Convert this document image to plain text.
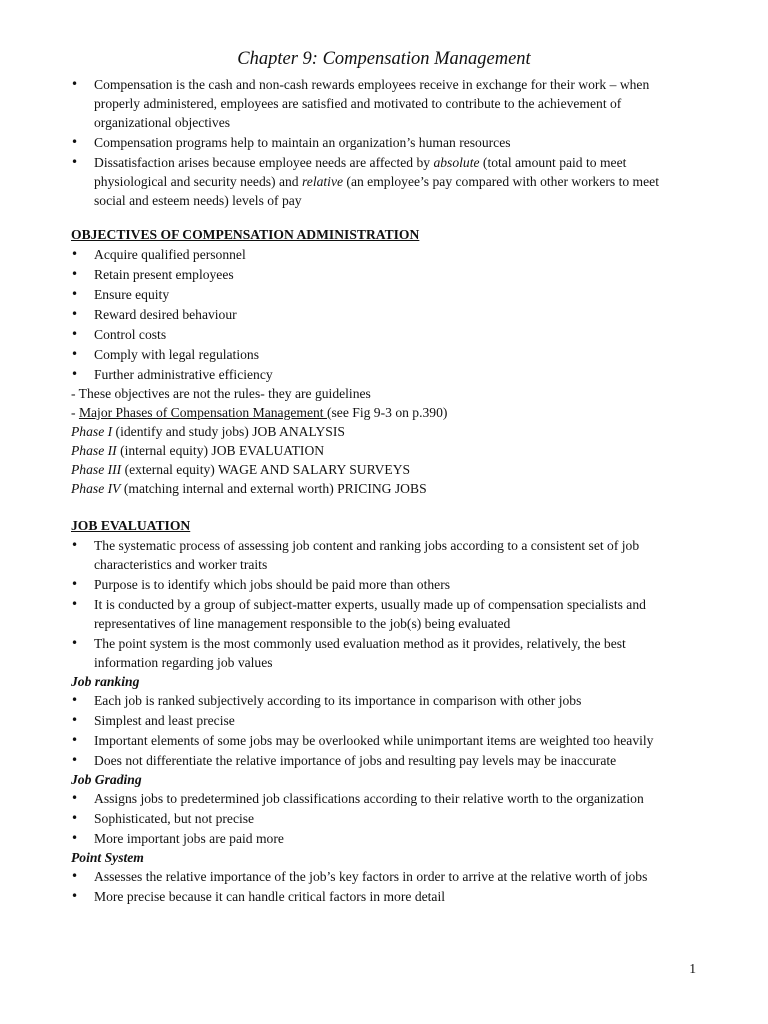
Chapter 9: Compensation Management
• Compensation is the cash and non-cash rewards employees receive in exchange for their work – when properly administered, employees are satisfied and motivated to contribute to the achievement of organizational objectives
• Compensation programs help to maintain an organization’s human resources
• Dissatisfaction arises because employee needs are affected by absolute (total amount paid to meet physiological and security needs) and relative (an employee’s pay compared with other workers to meet social and esteem needs) levels of pay
OBJECTIVES OF COMPENSATION ADMINISTRATION
• Acquire qualified personnel
• Retain present employees
• Ensure equity
• Reward desired behaviour
• Control costs
• Comply with legal regulations
• Further administrative efficiency
- These objectives are not the rules- they are guidelines
- Major Phases of Compensation Management (see Fig 9-3 on p.390)
Phase I (identify and study jobs) JOB ANALYSIS
Phase II (internal equity) JOB EVALUATION
Phase III (external equity) WAGE AND SALARY SURVEYS
Phase IV (matching internal and external worth) PRICING JOBS
JOB EVALUATION
• The systematic process of assessing job content and ranking jobs according to a consistent set of job characteristics and worker traits
• Purpose is to identify which jobs should be paid more than others
• It is conducted by a group of subject-matter experts, usually made up of compensation specialists and representatives of line management responsible to the job(s) being evaluated
• The point system is the most commonly used evaluation method as it provides, relatively, the best information regarding job values
Job ranking
• Each job is ranked subjectively according to its importance in comparison with other jobs
• Simplest and least precise
• Important elements of some jobs may be overlooked while unimportant items are weighted too heavily
• Does not differentiate the relative importance of jobs and resulting pay levels may be inaccurate
Job Grading
• Assigns jobs to predetermined job classifications according to their relative worth to the organization
• Sophisticated, but not precise
• More important jobs are paid more
Point System
• Assesses the relative importance of the job’s key factors in order to arrive at the relative worth of jobs
• More precise because it can handle critical factors in more detail
1
